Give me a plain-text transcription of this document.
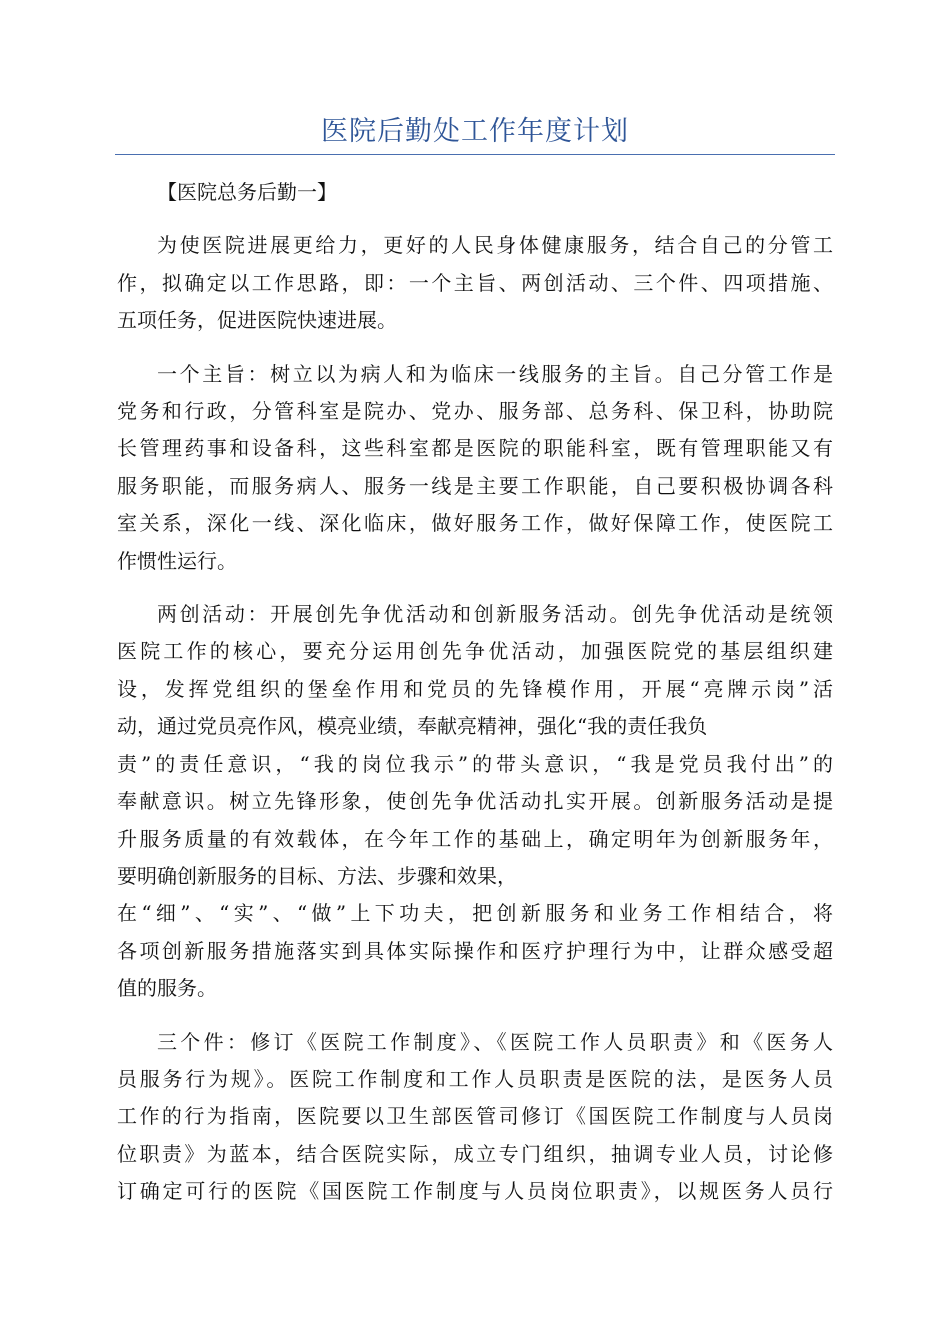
医院后勤处工作年度计划
【医院总务后勤一】
为使医院进展更给力，更好的人民身体健康服务，结合自己的分管工
作，拟确定以工作思路，即：一个主旨、两创活动、三个件、四项措施、
五项任务，促进医院快速进展。
一个主旨：树立以为病人和为临床一线服务的主旨。自己分管工作是
党务和行政，分管科室是院办、党办、服务部、总务科、保卫科，协助院
长管理药事和设备科，这些科室都是医院的职能科室，既有管理职能又有
服务职能，而服务病人、服务一线是主要工作职能，自己要积极协调各科
室关系，深化一线、深化临床，做好服务工作，做好保障工作，使医院工
作惯性运行。
两创活动：开展创先争优活动和创新服务活动。创先争优活动是统领
医院工作的核心，要充分运用创先争优活动，加强医院党的基层组织建
设，发挥党组织的堡垒作用和党员的先锋模作用，开展“亮牌示岗”活
动，通过党员亮作风，模亮业绩，奉献亮精神，强化“我的责任我负
责”的责任意识，“我的岗位我示”的带头意识，“我是党员我付出”的
奉献意识。树立先锋形象，使创先争优活动扎实开展。创新服务活动是提
升服务质量的有效载体，在今年工作的基础上，确定明年为创新服务年，
要明确创新服务的目标、方法、步骤和效果，
在“细”、“实”、“做”上下功夫，把创新服务和业务工作相结合，将
各项创新服务措施落实到具体实际操作和医疗护理行为中，让群众感受超
值的服务。
三个件：修订《医院工作制度》、《医院工作人员职责》和《医务人
员服务行为规》。医院工作制度和工作人员职责是医院的法，是医务人员
工作的行为指南，医院要以卫生部医管司修订《国医院工作制度与人员岗
位职责》为蓝本，结合医院实际，成立专门组织，抽调专业人员，讨论修
订确定可行的医院《国医院工作制度与人员岗位职责》，以规医务人员行
